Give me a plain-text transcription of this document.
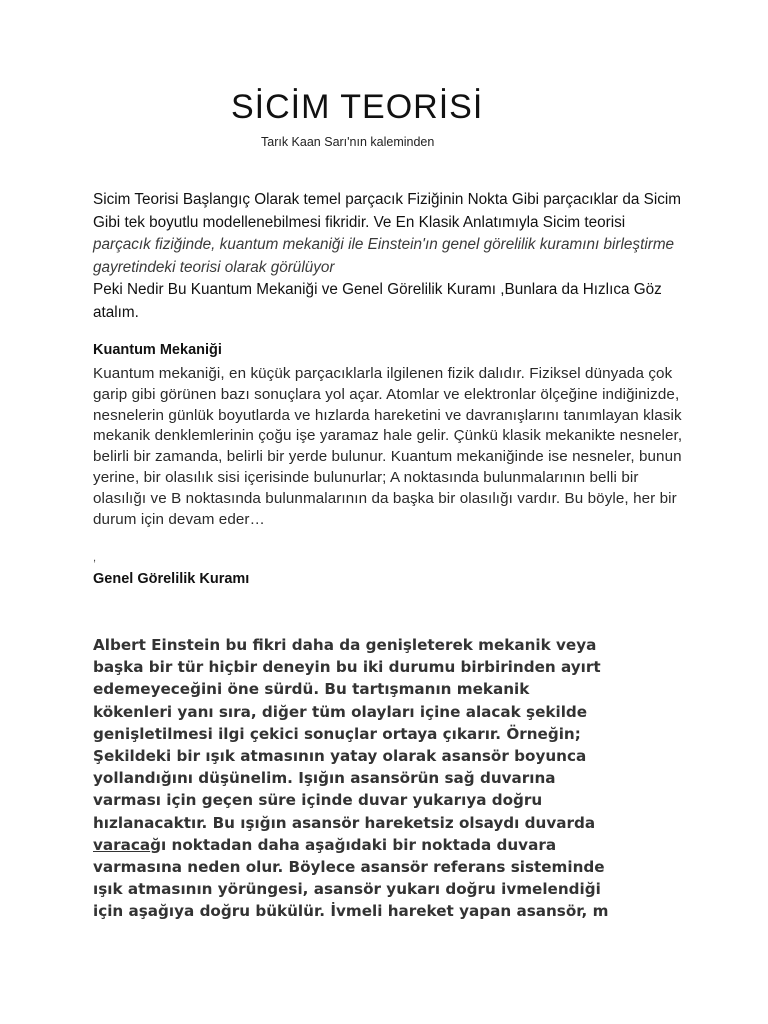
SİCİM TEORİSİ
Tarık Kaan Sarı'nın kaleminden

Sicim Teorisi Başlangıç Olarak temel parçacık Fiziğinin Nokta Gibi parçacıklar da Sicim Gibi tek boyutlu modellenebilmesi fikridir. Ve En Klasik Anlatımıyla Sicim teorisi parçacık fiziğinde, kuantum mekaniği ile Einstein'ın genel görelilik kuramını birleştirme gayretindeki teorisi olarak görülüyor
Peki Nedir Bu Kuantum Mekaniği ve Genel Görelilik Kuramı ,Bunlara da Hızlıca Göz atalım.

Kuantum Mekaniği

Kuantum mekaniği, en küçük parçacıklarla ilgilenen fizik dalıdır. Fiziksel dünyada çok garip gibi görünen bazı sonuçlara yol açar. Atomlar ve elektronlar ölçeğine indiğinizde, nesnelerin günlük boyutlarda ve hızlarda hareketini ve davranışlarını tanımlayan klasik mekanik denklemlerinin çoğu işe yaramaz hale gelir. Çünkü klasik mekanikte nesneler, belirli bir zamanda, belirli bir yerde bulunur. Kuantum mekaniğinde ise nesneler, bunun yerine, bir olasılık sisi içerisinde bulunurlar; A noktasında bulunmalarının belli bir olasılığı ve B noktasında bulunmalarının da başka bir olasılığı vardır. Bu böyle, her bir durum için devam eder…

,
Genel Görelilik Kuramı

Albert Einstein bu fikri daha da genişleterek mekanik veya
başka bir tür hiçbir deneyin bu iki durumu birbirinden ayırt
edemeyeceğini öne sürdü. Bu tartışmanın mekanik
kökenleri yanı sıra, diğer tüm olayları içine alacak şekilde
genişletilmesi ilgi çekici sonuçlar ortaya çıkarır. Örneğin;
Şekildeki bir ışık atmasının yatay olarak asansör boyunca
yollandığını düşünelim. Işığın asansörün sağ duvarına
varması için geçen süre içinde duvar yukarıya doğru
hızlanacaktır. Bu ışığın asansör hareketsiz olsaydı duvarda
varacağı noktadan daha aşağıdaki bir noktada duvara
varmasına neden olur. Böylece asansör referans sisteminde
ışık atmasının yörüngesi, asansör yukarı doğru ivmelendiği
için aşağıya doğru bükülür. İvmeli hareket yapan asansör, m
